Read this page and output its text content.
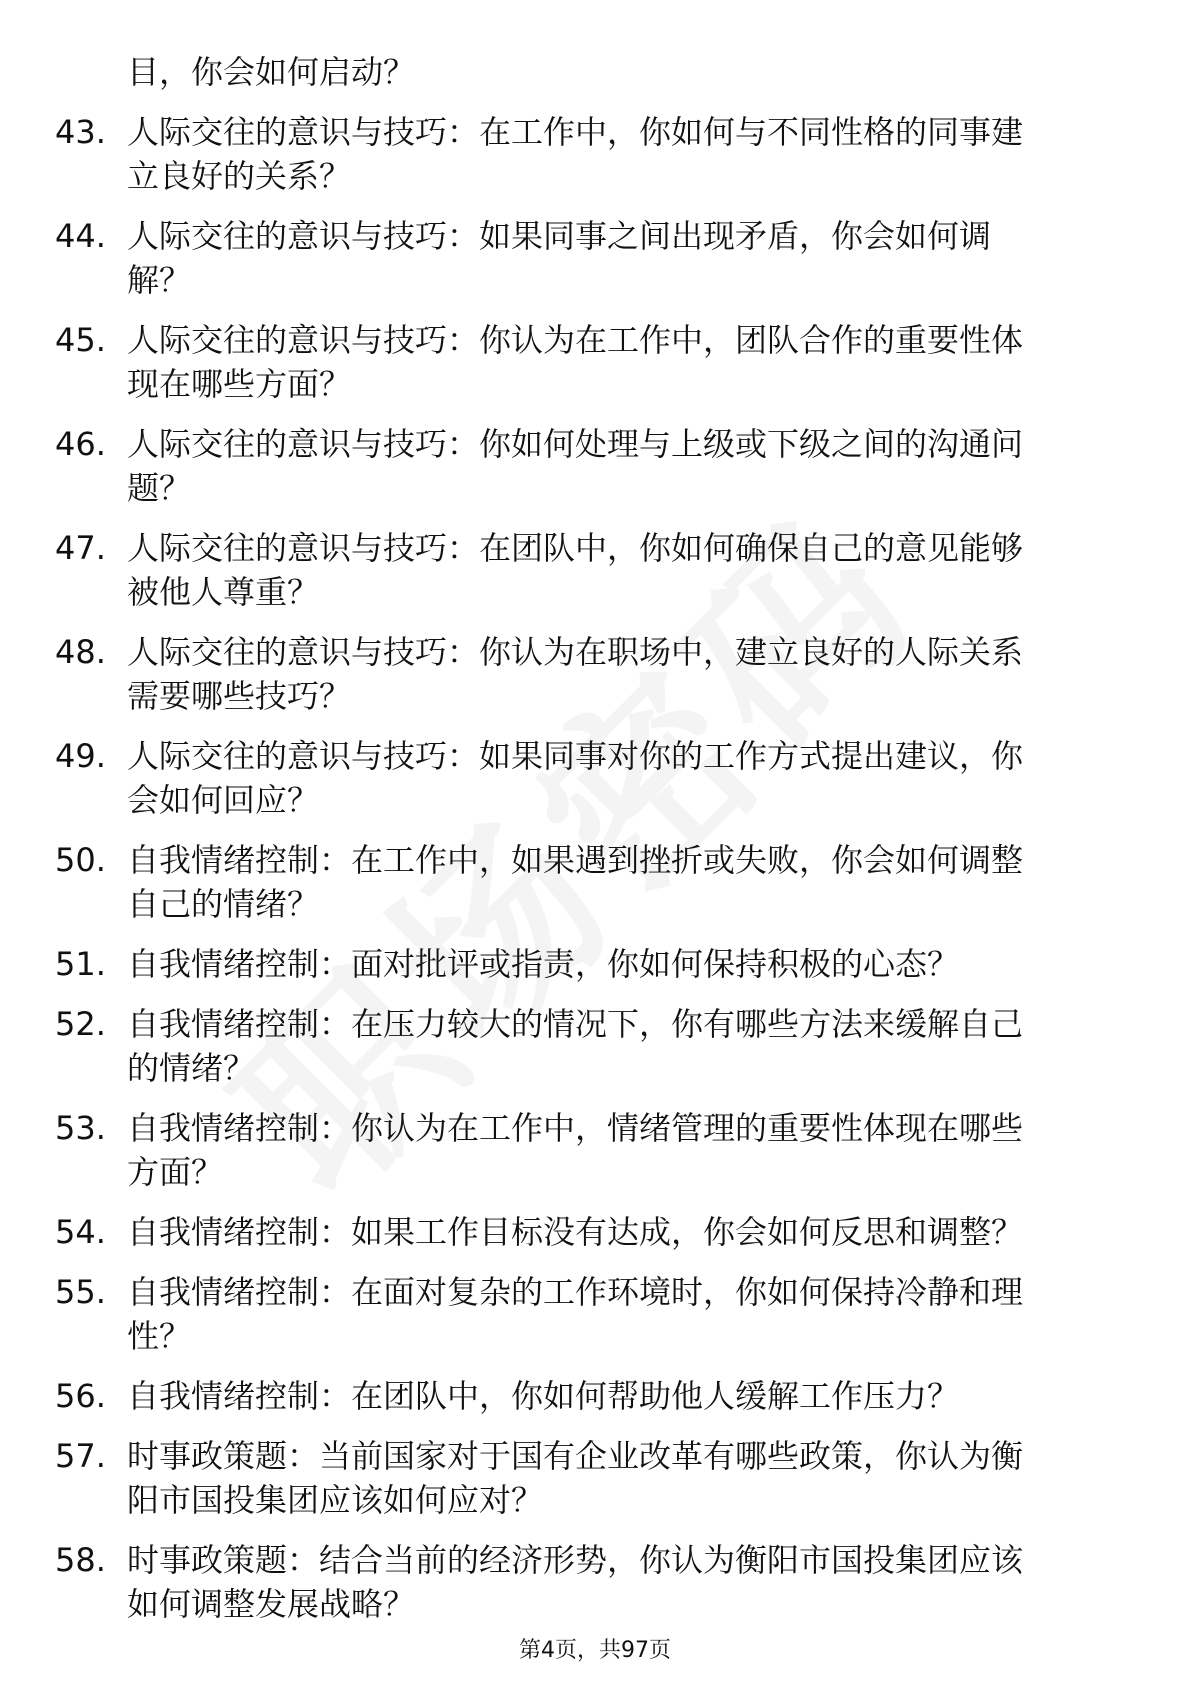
目，你会如何启动？
43. 人际交往的意识与技巧：在工作中，你如何与不同性格的同事建
立良好的关系？
44. 人际交往的意识与技巧：如果同事之间出现矛盾，你会如何调
解？
45. 人际交往的意识与技巧：你认为在工作中，团队合作的重要性体
现在哪些方面？
46. 人际交往的意识与技巧：你如何处理与上级或下级之间的沟通问
题？
47. 人际交往的意识与技巧：在团队中，你如何确保自己的意见能够
被他人尊重？
48. 人际交往的意识与技巧：你认为在职场中，建立良好的人际关系
需要哪些技巧？
49. 人际交往的意识与技巧：如果同事对你的工作方式提出建议，你
会如何回应？
50. 自我情绪控制：在工作中，如果遇到挫折或失败，你会如何调整
自己的情绪？
51. 自我情绪控制：面对批评或指责，你如何保持积极的心态？
52. 自我情绪控制：在压力较大的情况下，你有哪些方法来缓解自己
的情绪？
53. 自我情绪控制：你认为在工作中，情绪管理的重要性体现在哪些
方面？
54. 自我情绪控制：如果工作目标没有达成，你会如何反思和调整？
55. 自我情绪控制：在面对复杂的工作环境时，你如何保持冷静和理
性？
56. 自我情绪控制：在团队中，你如何帮助他人缓解工作压力？
57. 时事政策题：当前国家对于国有企业改革有哪些政策，你认为衡
阳市国投集团应该如何应对？
58. 时事政策题：结合当前的经济形势，你认为衡阳市国投集团应该
如何调整发展战略？
第4页，共97页
